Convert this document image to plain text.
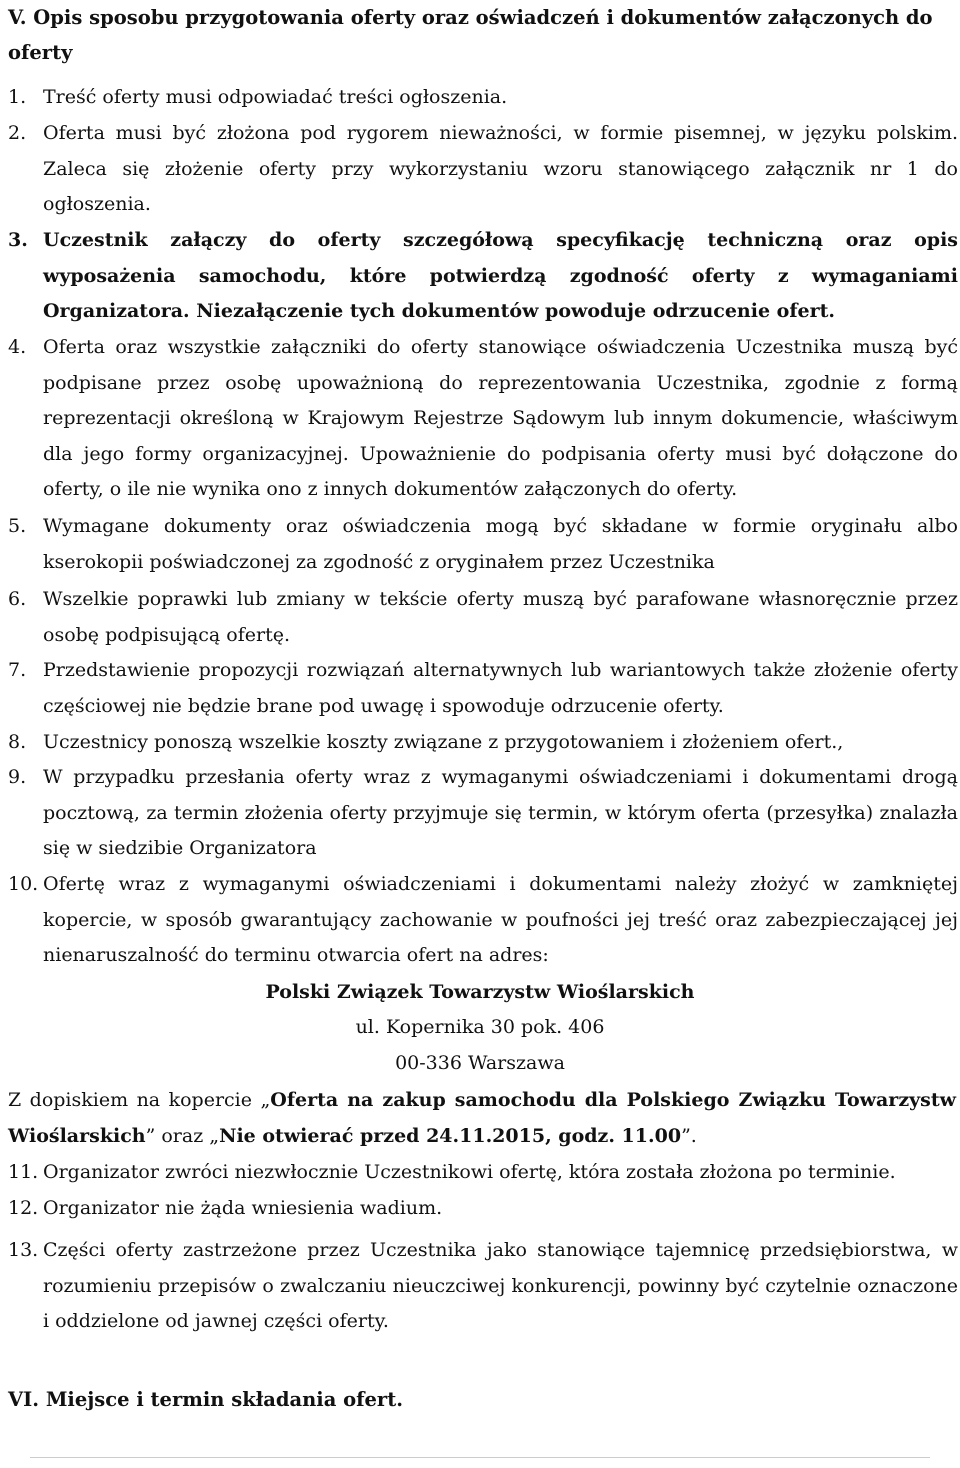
V. Opis sposobu przygotowania oferty oraz oświadczeń i dokumentów załączonych do oferty
1. Treść oferty musi odpowiadać treści ogłoszenia.
2. Oferta musi być złożona pod rygorem nieważności, w formie pisemnej, w języku polskim. Zaleca się złożenie oferty przy wykorzystaniu wzoru stanowiącego załącznik nr 1 do ogłoszenia.
3. Uczestnik załączy do oferty szczegółową specyfikację techniczną oraz opis wyposażenia samochodu, które potwierdzą zgodność oferty z wymaganiami Organizatora. Niezałączenie tych dokumentów powoduje odrzucenie ofert.
4. Oferta oraz wszystkie załączniki do oferty stanowiące oświadczenia Uczestnika muszą być podpisane przez osobę upoważnioną do reprezentowania Uczestnika, zgodnie z formą reprezentacji określoną w Krajowym Rejestrze Sądowym lub innym dokumencie, właściwym dla jego formy organizacyjnej. Upoważnienie do podpisania oferty musi być dołączone do oferty, o ile nie wynika ono z innych dokumentów załączonych do oferty.
5. Wymagane dokumenty oraz oświadczenia mogą być składane w formie oryginału albo kserokopii poświadczonej za zgodność z oryginałem przez Uczestnika
6. Wszelkie poprawki lub zmiany w tekście oferty muszą być parafowane własnoręcznie przez osobę podpisującą ofertę.
7. Przedstawienie propozycji rozwiązań alternatywnych lub wariantowych także złożenie oferty częściowej nie będzie brane pod uwagę i spowoduje odrzucenie oferty.
8. Uczestnicy ponoszą wszelkie koszty związane z przygotowaniem i złożeniem ofert.,
9. W przypadku przesłania oferty wraz z wymaganymi oświadczeniami i dokumentami drogą pocztową, za termin złożenia oferty przyjmuje się termin, w którym oferta (przesyłka) znalazła się w siedzibie Organizatora
10. Ofertę wraz z wymaganymi oświadczeniami i dokumentami należy złożyć w zamkniętej kopercie, w sposób gwarantujący zachowanie w poufności jej treść oraz zabezpieczającej jej nienaruszalność do terminu otwarcia ofert na adres:
Polski Związek Towarzystw Wioślarskich
ul. Kopernika 30 pok. 406
00-336 Warszawa
Z dopiskiem na kopercie „Oferta na zakup samochodu dla Polskiego Związku Towarzystw Wioślarskich” oraz „Nie otwierać przed 24.11.2015, godz. 11.00”.
11. Organizator zwróci niezwłocznie Uczestnikowi ofertę, która została złożona po terminie.
12. Organizator nie żąda wniesienia wadium.
13. Części oferty zastrzeżone przez Uczestnika jako stanowiące tajemnicę przedsiębiorstwa, w rozumieniu przepisów o zwalczaniu nieuczciwej konkurencji, powinny być czytelnie oznaczone i oddzielone od jawnej części oferty.
VI. Miejsce i termin składania ofert.
